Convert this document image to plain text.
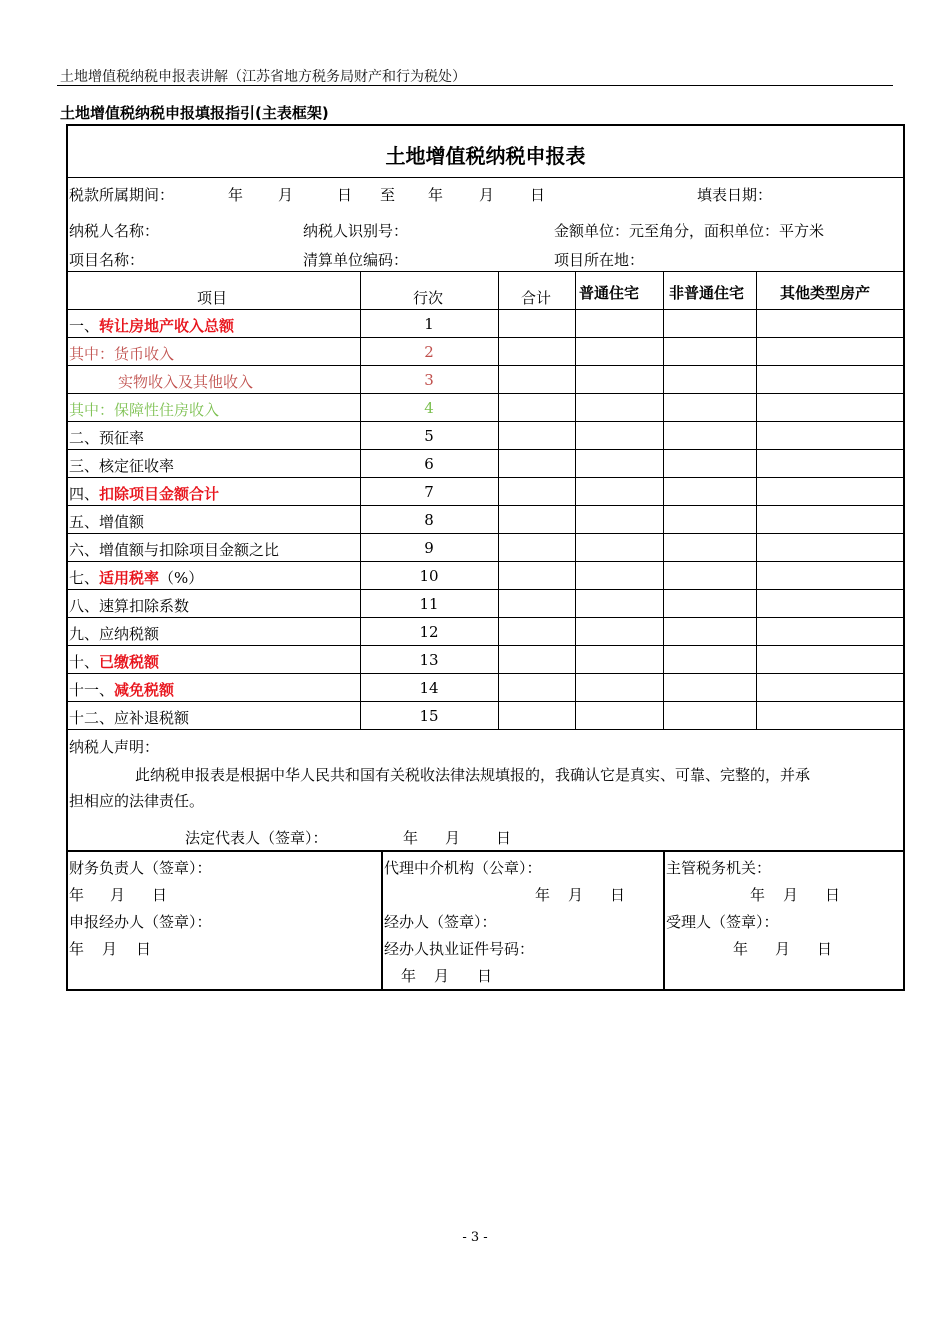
土地增值税纳税申报表讲解（江苏省地方税务局财产和行为税处）
土地增值税纳税申报填报指引(主表框架)
土地增值税纳税申报表
税款所属期间：	年 月	日 至 年 月 日	填表日期：
纳税人名称：	纳税人识别号：	金额单位：元至角分，面积单位：平方米
项目名称：	清算单位编码：	项目所在地：
项目	行次	合计 普通住宅 非普通住宅 其他类型房产
一、转让房地产收入总额	1
其中：货币收入	2
实物收入及其他收入	3
其中：保障性住房收入	4
二、预征率	5
三、核定征收率	6
四、扣除项目金额合计	7
五、增值额	8
六、增值额与扣除项目金额之比	9
七、适用税率（%）	10
八、速算扣除系数	11
九、应纳税额	12
十、已缴税额	13
十一、减免税额	14
十二、应补退税额	15
纳税人声明：
此纳税申报表是根据中华人民共和国有关税收法律法规填报的，我确认它是真实、可靠、完整的，并承
担相应的法律责任。
法定代表人（签章）：	年 月 日
财务负责人（签章）：
年 月 日
申报经办人（签章）：
年 月 日
代理中介机构（公章）：
年 月 日
经办人（签章）：
经办人执业证件号码：
年 月 日
主管税务机关：
年 月 日
受理人（签章）：
年 月 日
- 3 -
